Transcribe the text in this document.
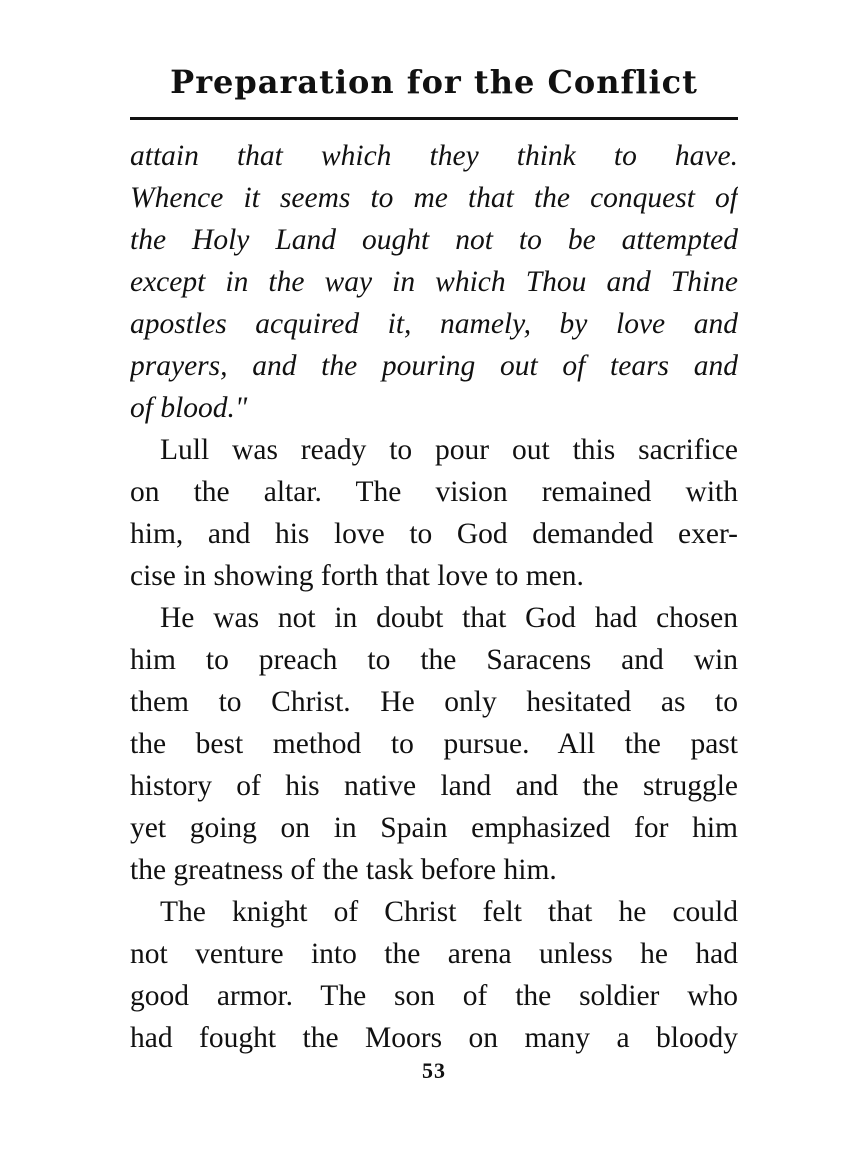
Preparation for the Conflict
attain that which they think to have.
Whence it seems to me that the conquest of
the Holy Land ought not to be attempted
except in the way in which Thou and Thine
apostles acquired it, namely, by love and
prayers, and the pouring out of tears and
of blood."
Lull was ready to pour out this sacrifice
on the altar. The vision remained with
him, and his love to God demanded exer-
cise in showing forth that love to men.
He was not in doubt that God had chosen
him to preach to the Saracens and win
them to Christ. He only hesitated as to
the best method to pursue. All the past
history of his native land and the struggle
yet going on in Spain emphasized for him
the greatness of the task before him.
The knight of Christ felt that he could
not venture into the arena unless he had
good armor. The son of the soldier who
had fought the Moors on many a bloody
53
